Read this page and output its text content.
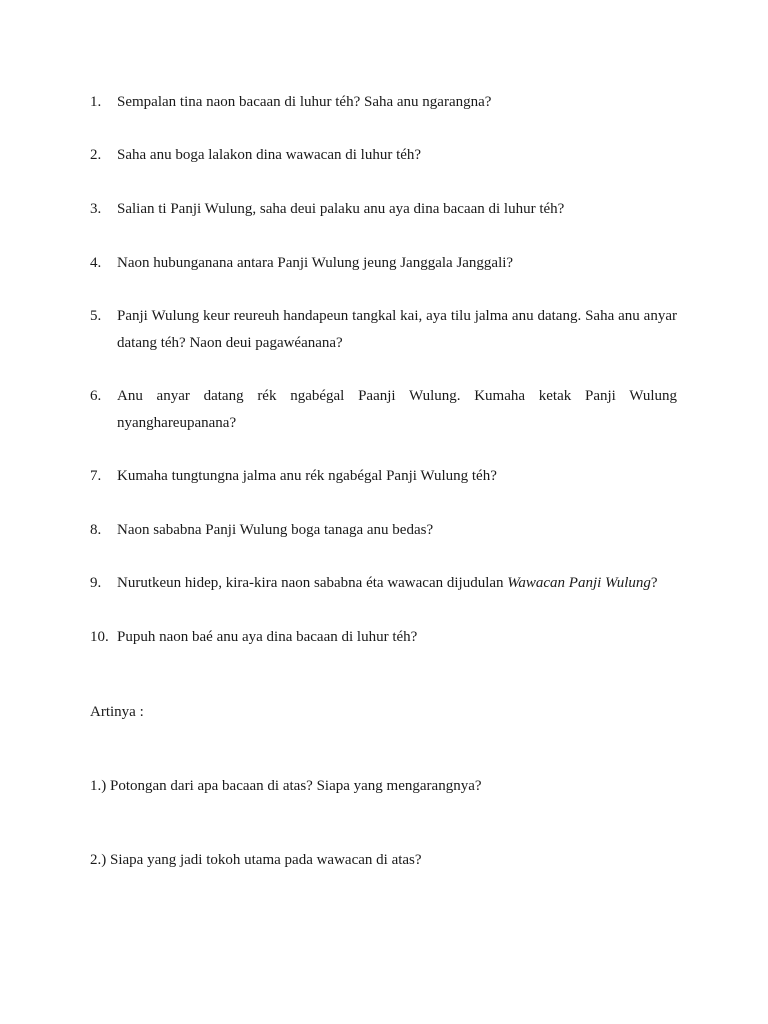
1. Sempalan tina naon bacaan di luhur téh? Saha anu ngarangna?
2. Saha anu boga lalakon dina wawacan di luhur téh?
3. Salian ti Panji Wulung, saha deui palaku anu aya dina bacaan di luhur téh?
4. Naon hubunganana antara Panji Wulung jeung Janggala Janggali?
5. Panji Wulung keur reureuh handapeun tangkal kai, aya tilu jalma anu datang. Saha anu anyar datang téh? Naon deui pagawéanana?
6. Anu anyar datang rék ngabégal Paanji Wulung. Kumaha ketak Panji Wulung nyanghareupanana?
7. Kumaha tungtungna jalma anu rék ngabégal Panji Wulung téh?
8. Naon sababna Panji Wulung boga tanaga anu bedas?
9. Nurutkeun hidep, kira-kira naon sababna éta wawacan dijudulan Wawacan Panji Wulung?
10. Pupuh naon baé anu aya dina bacaan di luhur téh?
Artinya :
1.) Potongan dari apa bacaan di atas? Siapa yang mengarangnya?
2.) Siapa yang jadi tokoh utama pada wawacan di atas?
